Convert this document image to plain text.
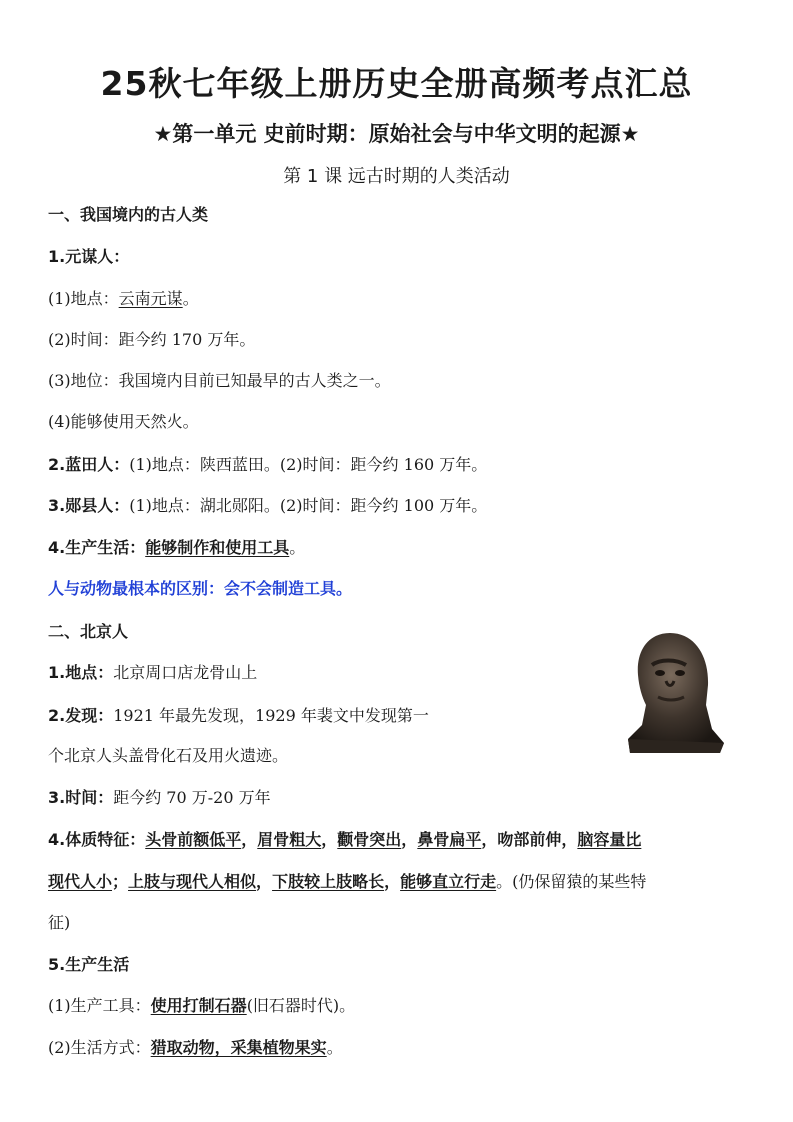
25秋七年级上册历史全册高频考点汇总
★第一单元 史前时期：原始社会与中华文明的起源★
第 1 课 远古时期的人类活动
一、我国境内的古人类
1.元谋人：
(1)地点：云南元谋。
(2)时间：距今约 170 万年。
(3)地位：我国境内目前已知最早的古人类之一。
(4)能够使用天然火。
2.蓝田人：(1)地点：陕西蓝田。(2)时间：距今约 160 万年。
3.郧县人：(1)地点：湖北郧阳。(2)时间：距今约 100 万年。
4.生产生活：能够制作和使用工具。
人与动物最根本的区别：会不会制造工具。
二、北京人
1.地点：北京周口店龙骨山上
2.发现：1921 年最先发现，1929 年裴文中发现第一
个北京人头盖骨化石及用火遗迹。
3.时间：距今约 70 万-20 万年
4.体质特征：头骨前额低平，眉骨粗大，颧骨突出，鼻骨扁平，吻部前伸，脑容量比
现代人小；上肢与现代人相似，下肢较上肢略长，能够直立行走。(仍保留猿的某些特
征)
5.生产生活
(1)生产工具：使用打制石器(旧石器时代)。
(2)生活方式：猎取动物，采集植物果实。
